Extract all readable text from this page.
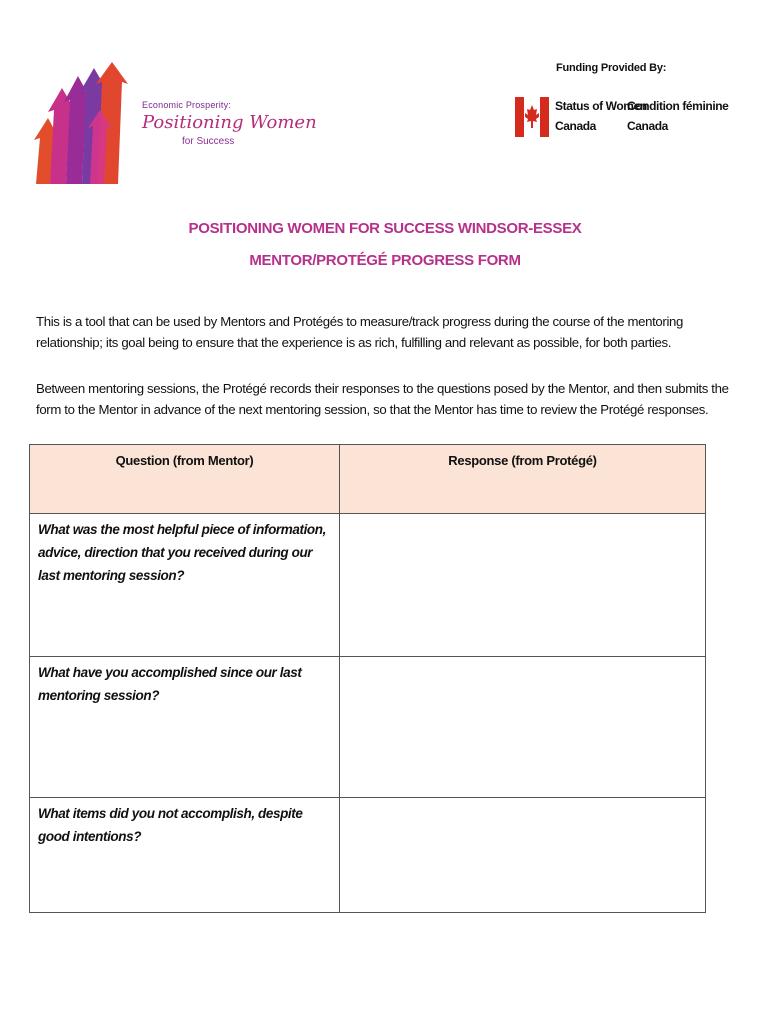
Economic Prosperity:
Positioning Women
for Success
Funding Provided By:
Status of Women
Canada
Condition féminine
Canada
POSITIONING WOMEN FOR SUCCESS WINDSOR-ESSEX
MENTOR/PROTÉGÉ PROGRESS FORM
This is a tool that can be used by Mentors and Protégés to measure/track progress during the course of the mentoring relationship; its goal being to ensure that the experience is as rich, fulfilling and relevant as possible, for both parties.
Between mentoring sessions, the Protégé records their responses to the questions posed by the Mentor, and then submits the form to the Mentor in advance of the next mentoring session, so that the Mentor has time to review the Protégé responses.
Question (from Mentor)	Response (from Protégé)
What was the most helpful piece of information, advice, direction that you received during our last mentoring session?	
What have you accomplished since our last mentoring session?	
What items did you not accomplish, despite good intentions?	
